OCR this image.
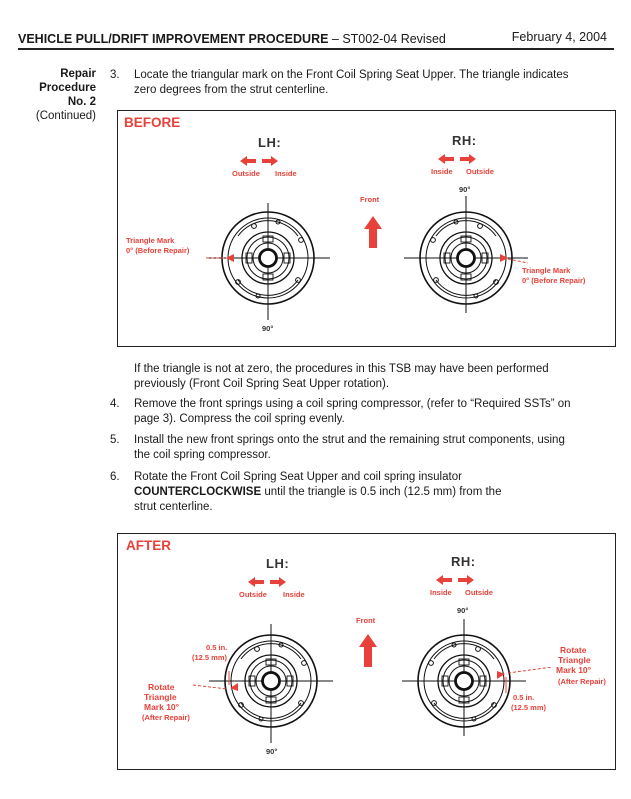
VEHICLE PULL/DRIFT IMPROVEMENT PROCEDURE – ST002-04 Revised	February 4, 2004
Repair
Procedure
No. 2
(Continued)
3. Locate the triangular mark on the Front Coil Spring Seat Upper. The triangle indicates
zero degrees from the strut centerline.
BEFORE
LH:	RH:
Outside Inside	Inside Outside
Front
90°
90°
Triangle Mark
0° (Before Repair)
Triangle Mark
0° (Before Repair)
If the triangle is not at zero, the procedures in this TSB may have been performed
previously (Front Coil Spring Seat Upper rotation).
4. Remove the front springs using a coil spring compressor, (refer to “Required SSTs” on
page 3). Compress the coil spring evenly.
5. Install the new front springs onto the strut and the remaining strut components, using
the coil spring compressor.
6. Rotate the Front Coil Spring Seat Upper and coil spring insulator
COUNTERCLOCKWISE until the triangle is 0.5 inch (12.5 mm) from the
strut centerline.
AFTER
LH:	RH:
Outside Inside	Inside Outside
Front
90°
90°
0.5 in.
(12.5 mm)
Rotate
Triangle
Mark 10°
(After Repair)
0.5 in.
(12.5 mm)
Rotate
Triangle
Mark 10°
(After Repair)
